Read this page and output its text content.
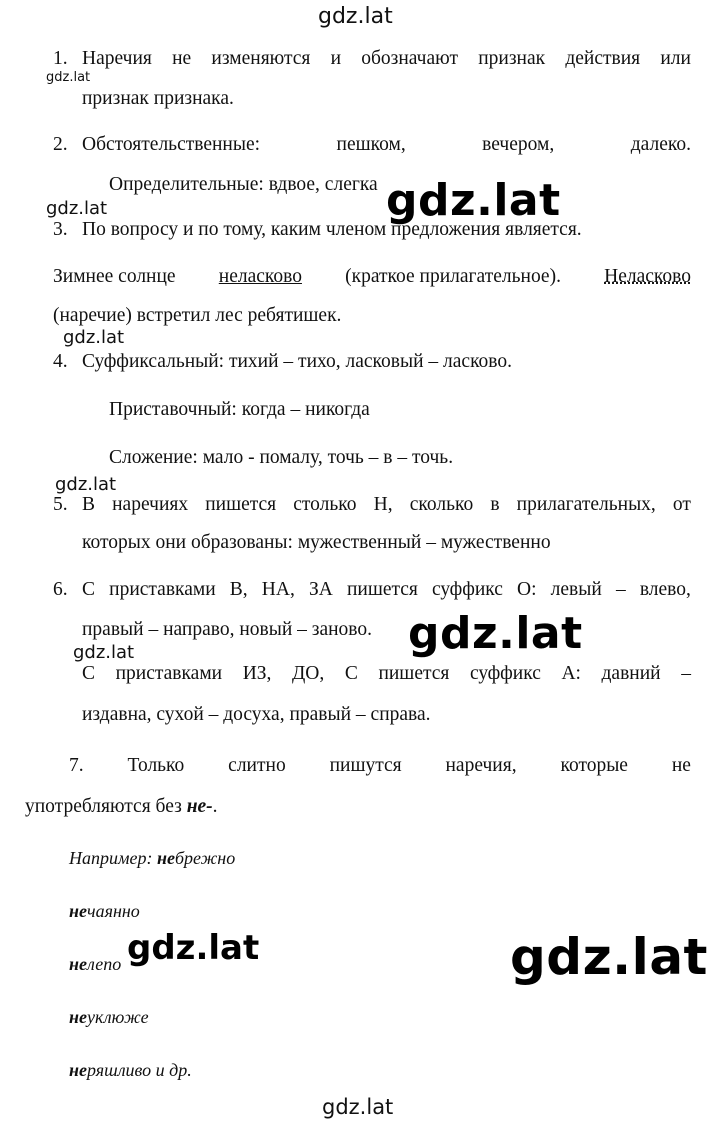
gdz.lat
gdz.lat
gdz.lat
gdz.lat
gdz.lat
gdz.lat
gdz.lat
gdz.lat
gdz.lat	gdz.lat
gdz.lat
1. Наречия не изменяются и обозначают признак действия или
признак признака.
2. Обстоятельственные:	пешком,	вечером,	далеко.
Определительные: вдвое, слегка
3. По вопросу и по тому, каким членом предложения является.
Зимнее солнце неласково (краткое прилагательное). Неласково
(наречие) встретил лес ребятишек.
4. Суффиксальный: тихий – тихо, ласковый – ласково.
Приставочный: когда – никогда
Сложение: мало - помалу, точь – в – точь.
5. В наречиях пишется столько Н, сколько в прилагательных, от
которых они образованы: мужественный – мужественно
6. С приставками В, НА, ЗА пишется суффикс О: левый – влево,
правый – направо, новый – заново.
С приставками ИЗ, ДО, С пишется суффикс А: давний –
издавна, сухой – досуха, правый – справа.
7. Только слитно пишутся наречия, которые не
употребляются без не-.
Например: небрежно
нечаянно
нелепо
неуклюже
неряшливо и др.
